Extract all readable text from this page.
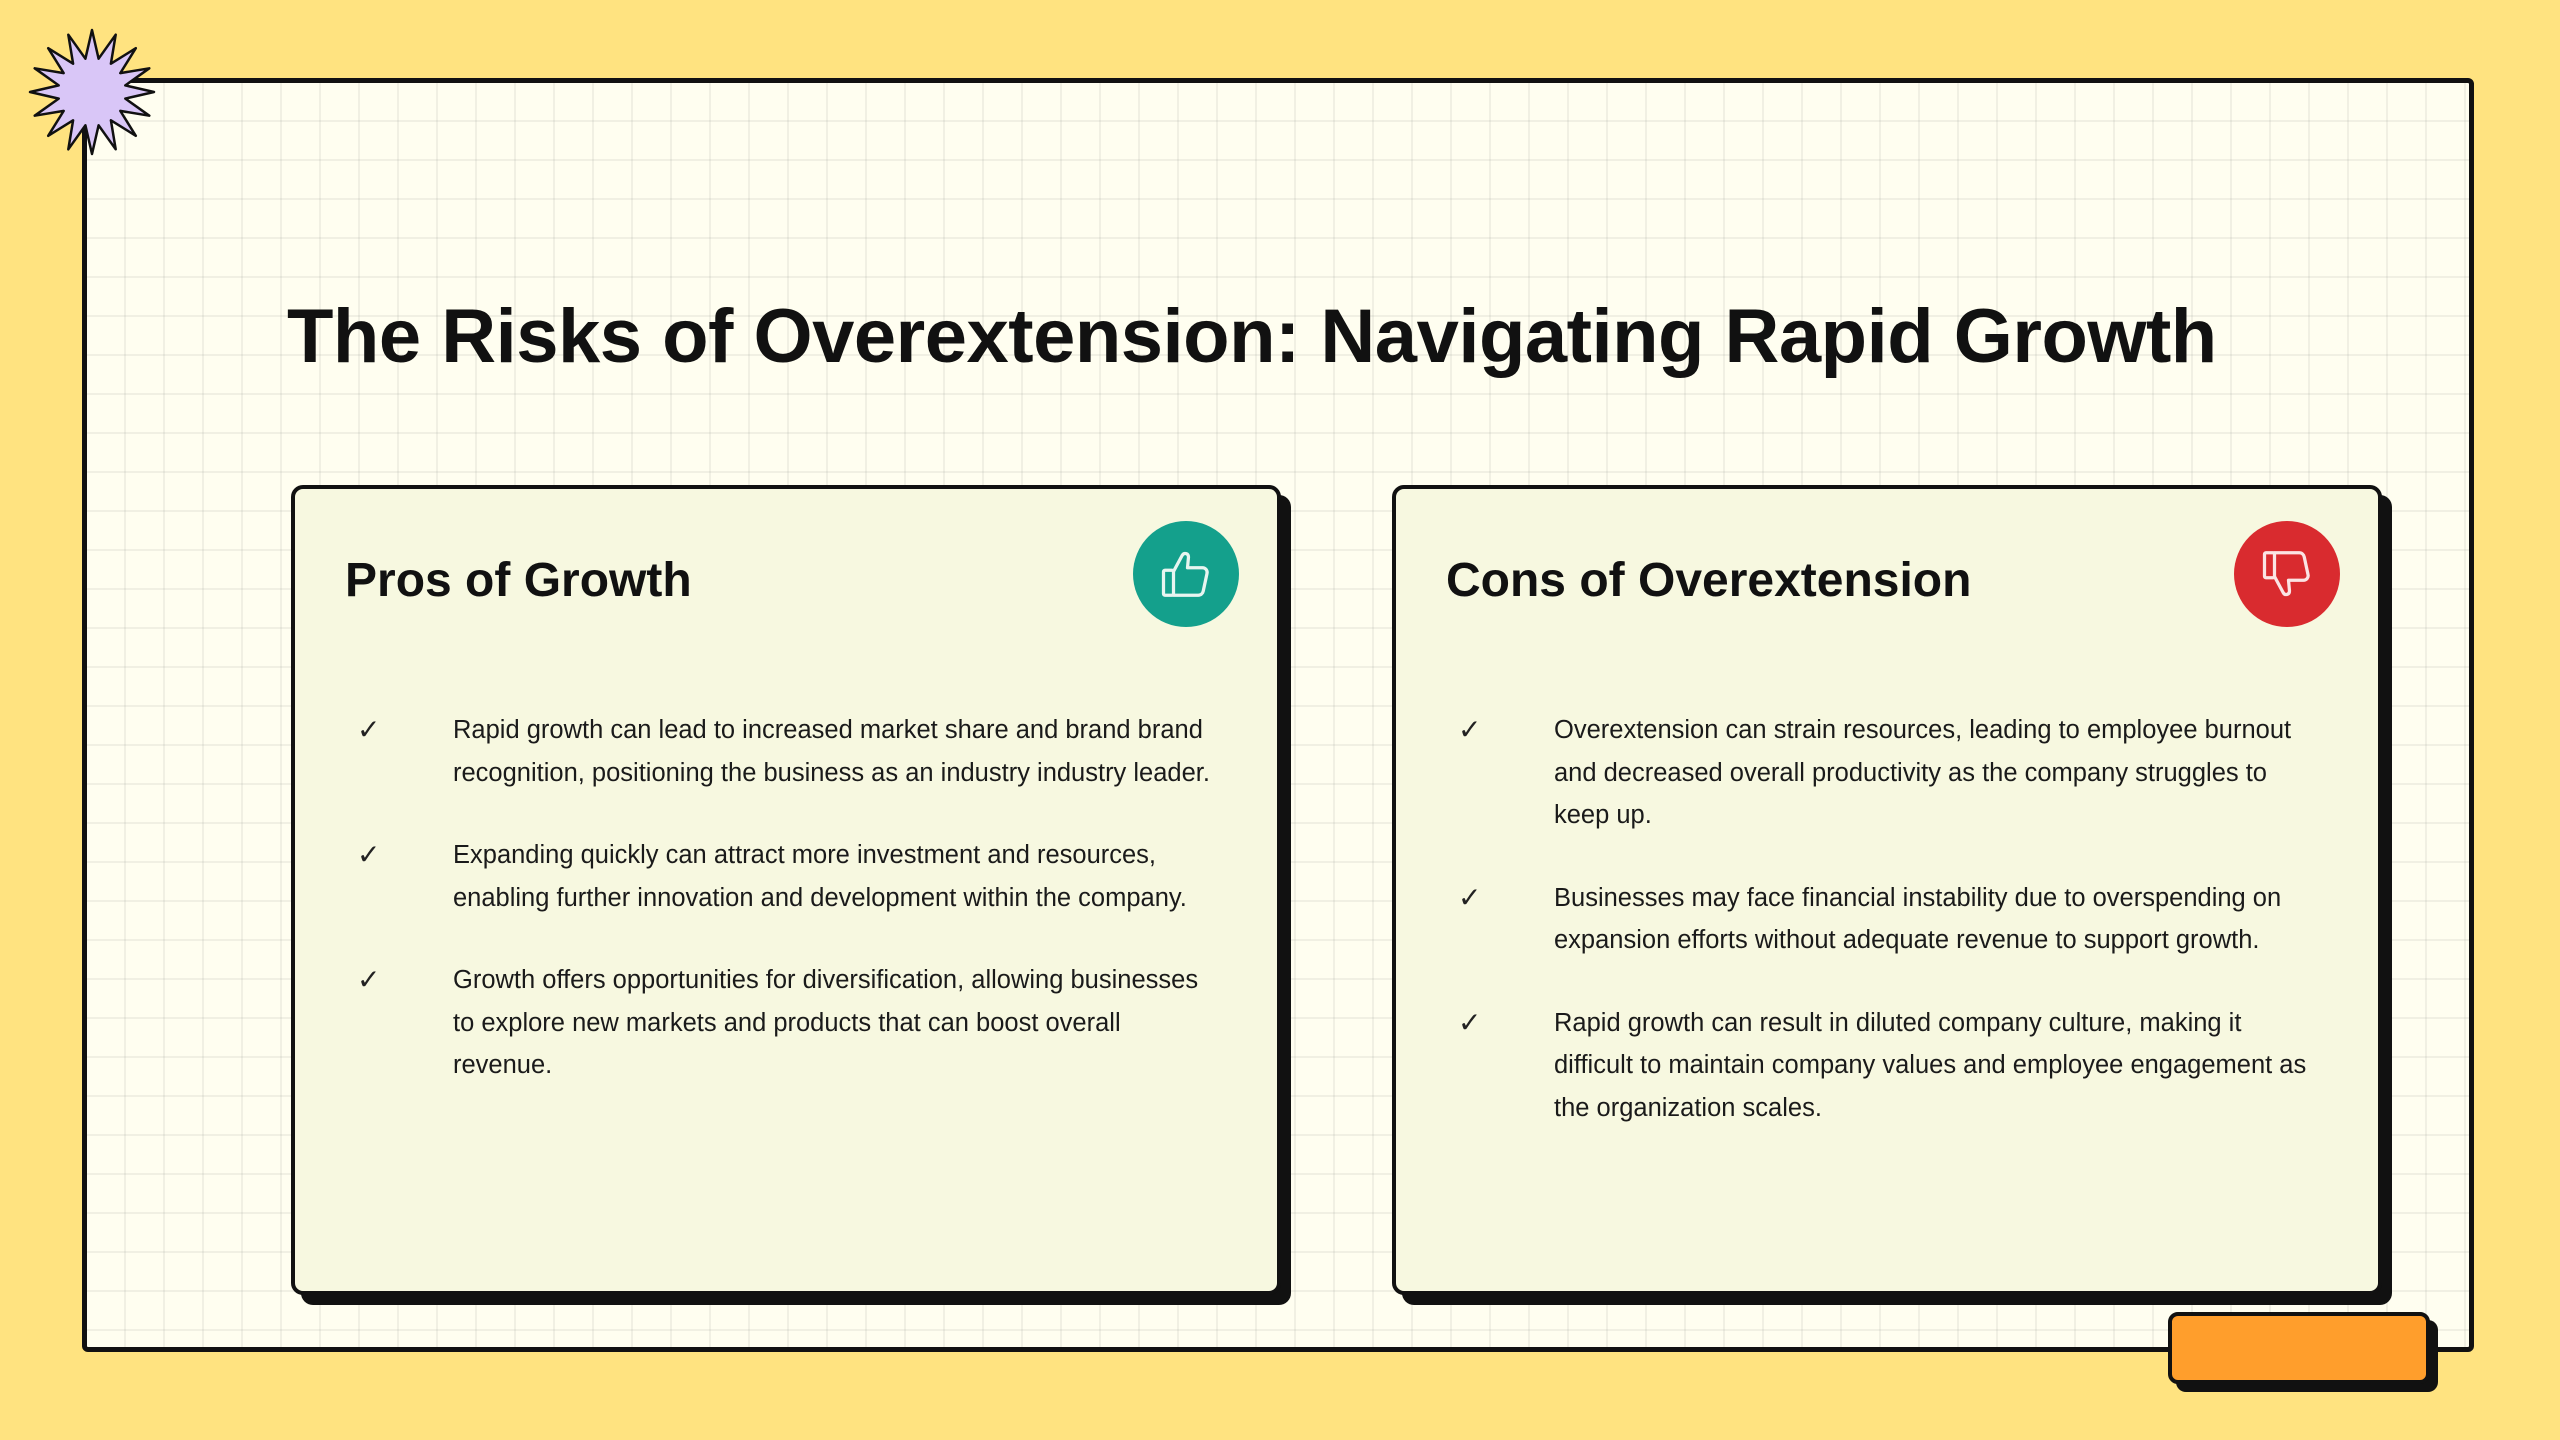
The Risks of Overextension: Navigating Rapid Growth
Pros of Growth
✓	Rapid growth can lead to increased market share and brand brand recognition, positioning the business as an industry industry leader.
✓	Expanding quickly can attract more investment and resources, enabling further innovation and development within the company.
✓	Growth offers opportunities for diversification, allowing businesses to explore new markets and products that can boost overall revenue.
Cons of Overextension
✓	Overextension can strain resources, leading to employee burnout and decreased overall productivity as the company struggles to keep up.
✓	Businesses may face financial instability due to overspending on expansion efforts without adequate revenue to support growth.
✓	Rapid growth can result in diluted company culture, making it difficult to maintain company values and employee engagement as the organization scales.
